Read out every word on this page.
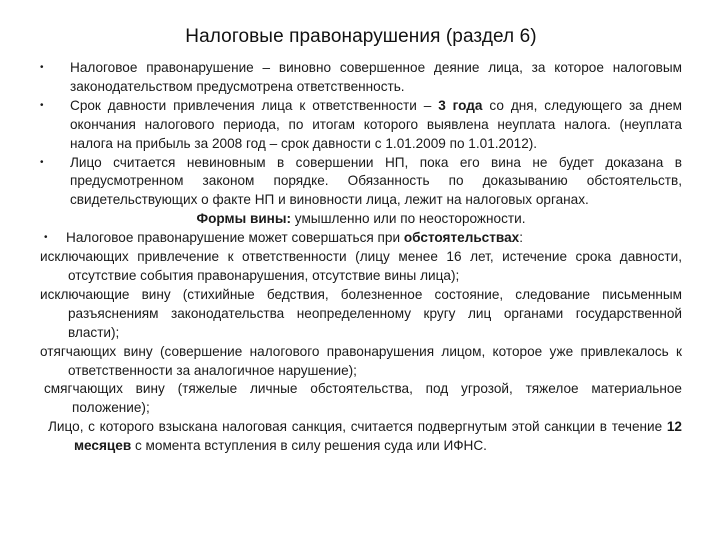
Налоговые правонарушения (раздел 6)
• Налоговое правонарушение – виновно совершенное деяние лица, за которое налоговым законодательством предусмотрена ответственность.
• Срок давности привлечения лица к ответственности – 3 года со дня, следующего за днем окончания налогового периода, по итогам которого выявлена неуплата налога. (неуплата налога на прибыль за 2008 год – срок давности с 1.01.2009 по 1.01.2012).
• Лицо считается невиновным в совершении НП, пока его вина не будет доказана в предусмотренном законом порядке. Обязанность по доказыванию обстоятельств, свидетельствующих о факте НП и виновности лица, лежит на налоговых органах.
Формы вины: умышленно или по неосторожности.
• Налоговое правонарушение может совершаться при обстоятельствах:
исключающих привлечение к ответственности (лицу менее 16 лет, истечение срока давности, отсутствие события правонарушения, отсутствие вины лица);
исключающие вину (стихийные бедствия, болезненное состояние, следование письменным разъяснениям законодательства неопределенному кругу лиц органами государственной власти);
отягчающих вину (совершение налогового правонарушения лицом, которое уже привлекалось к ответственности за аналогичное нарушение);
смягчающих вину (тяжелые личные обстоятельства, под угрозой, тяжелое материальное положение);
Лицо, с которого взыскана налоговая санкция, считается подвергнутым этой санкции в течение 12 месяцев с момента вступления в силу решения суда или ИФНС.
